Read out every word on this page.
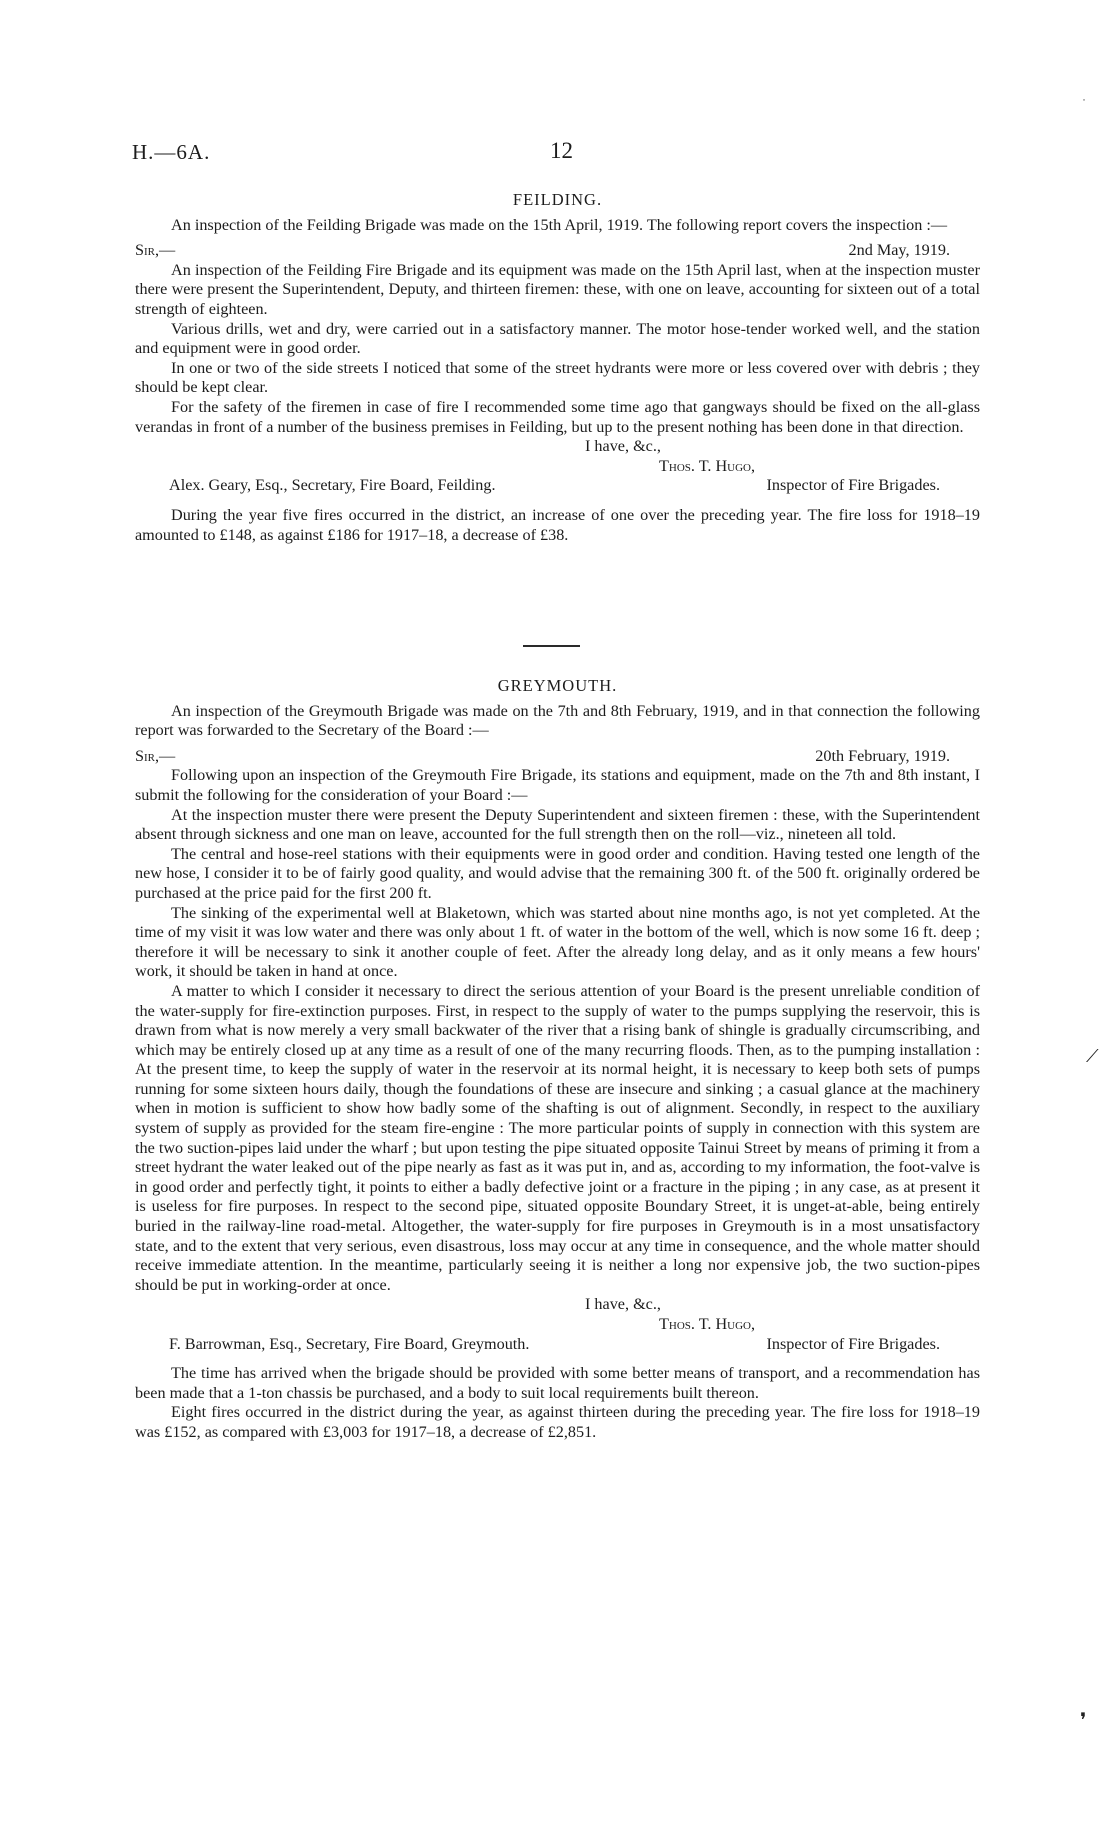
H.—6A.	12
FEILDING.

An inspection of the Feilding Brigade was made on the 15th April, 1919. The following report covers the inspection :—

Sir,—	2nd May, 1919.

An inspection of the Feilding Fire Brigade and its equipment was made on the 15th April last, when at the inspection muster there were present the Superintendent, Deputy, and thirteen firemen: these, with one on leave, accounting for sixteen out of a total strength of eighteen.

Various drills, wet and dry, were carried out in a satisfactory manner. The motor hose-tender worked well, and the station and equipment were in good order.

In one or two of the side streets I noticed that some of the street hydrants were more or less covered over with debris ; they should be kept clear.

For the safety of the firemen in case of fire I recommended some time ago that gangways should be fixed on the all-glass verandas in front of a number of the business premises in Feilding, but up to the present nothing has been done in that direction.

I have, &c.,
Thos. T. Hugo,
Alex. Geary, Esq., Secretary, Fire Board, Feilding.	Inspector of Fire Brigades.

During the year five fires occurred in the district, an increase of one over the preceding year. The fire loss for 1918–19 amounted to £148, as against £186 for 1917–18, a decrease of £38.

GREYMOUTH.

An inspection of the Greymouth Brigade was made on the 7th and 8th February, 1919, and in that connection the following report was forwarded to the Secretary of the Board :—

Sir,—	20th February, 1919.

Following upon an inspection of the Greymouth Fire Brigade, its stations and equipment, made on the 7th and 8th instant, I submit the following for the consideration of your Board :—

At the inspection muster there were present the Deputy Superintendent and sixteen firemen : these, with the Superintendent absent through sickness and one man on leave, accounted for the full strength then on the roll—viz., nineteen all told.

The central and hose-reel stations with their equipments were in good order and condition. Having tested one length of the new hose, I consider it to be of fairly good quality, and would advise that the remaining 300 ft. of the 500 ft. originally ordered be purchased at the price paid for the first 200 ft.

The sinking of the experimental well at Blaketown, which was started about nine months ago, is not yet completed. At the time of my visit it was low water and there was only about 1 ft. of water in the bottom of the well, which is now some 16 ft. deep ; therefore it will be necessary to sink it another couple of feet. After the already long delay, and as it only means a few hours' work, it should be taken in hand at once.

A matter to which I consider it necessary to direct the serious attention of your Board is the present unreliable condition of the water-supply for fire-extinction purposes. First, in respect to the supply of water to the pumps supplying the reservoir, this is drawn from what is now merely a very small backwater of the river that a rising bank of shingle is gradually circumscribing, and which may be entirely closed up at any time as a result of one of the many recurring floods. Then, as to the pumping installation : At the present time, to keep the supply of water in the reservoir at its normal height, it is necessary to keep both sets of pumps running for some sixteen hours daily, though the foundations of these are insecure and sinking ; a casual glance at the machinery when in motion is sufficient to show how badly some of the shafting is out of alignment. Secondly, in respect to the auxiliary system of supply as provided for the steam fire-engine : The more particular points of supply in connection with this system are the two suction-pipes laid under the wharf ; but upon testing the pipe situated opposite Tainui Street by means of priming it from a street hydrant the water leaked out of the pipe nearly as fast as it was put in, and as, according to my information, the foot-valve is in good order and perfectly tight, it points to either a badly defective joint or a fracture in the piping ; in any case, as at present it is useless for fire purposes. In respect to the second pipe, situated opposite Boundary Street, it is unget-at-able, being entirely buried in the railway-line road-metal. Altogether, the water-supply for fire purposes in Greymouth is in a most unsatisfactory state, and to the extent that very serious, even disastrous, loss may occur at any time in consequence, and the whole matter should receive immediate attention. In the meantime, particularly seeing it is neither a long nor expensive job, the two suction-pipes should be put in working-order at once.

I have, &c.,
Thos. T. Hugo,
F. Barrowman, Esq., Secretary, Fire Board, Greymouth.	Inspector of Fire Brigades.

The time has arrived when the brigade should be provided with some better means of transport, and a recommendation has been made that a 1-ton chassis be purchased, and a body to suit local requirements built thereon.

Eight fires occurred in the district during the year, as against thirteen during the preceding year. The fire loss for 1918–19 was £152, as compared with £3,003 for 1917–18, a decrease of £2,851.

˙
⟋
❜
